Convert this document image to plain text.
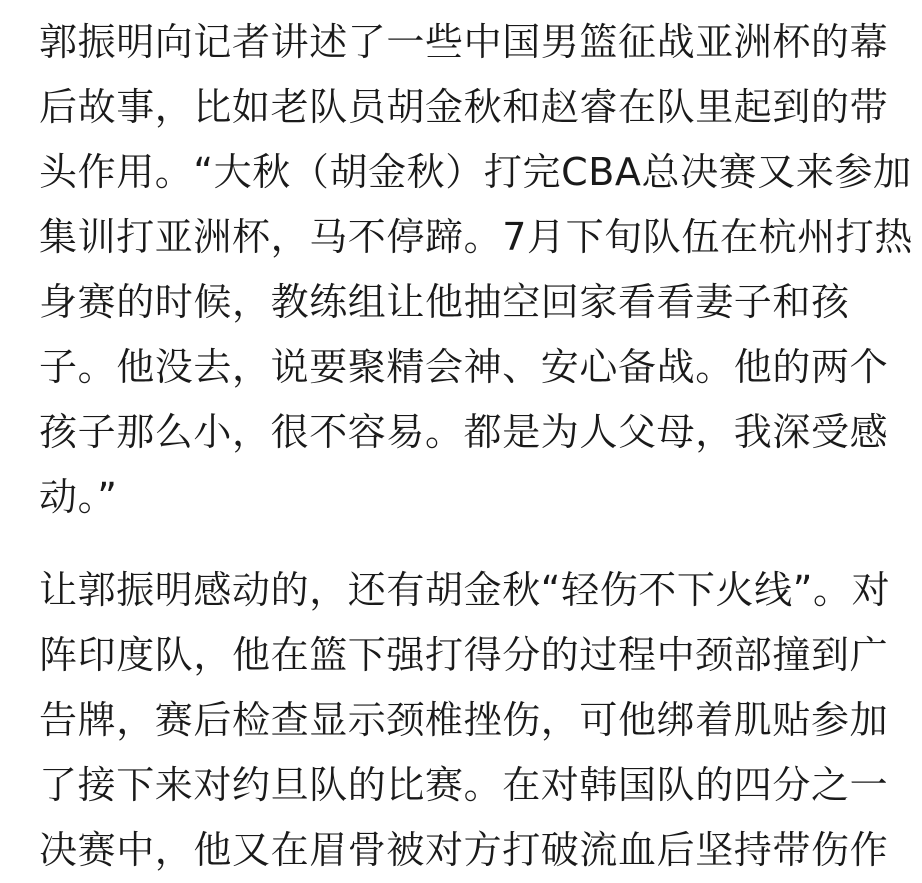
郭振明向记者讲述了一些中国男篮征战亚洲杯的幕
后故事，比如老队员胡金秋和赵睿在队里起到的带
头作用。“大秋（胡金秋）打完CBA总决赛又来参加
集训打亚洲杯，马不停蹄。7月下旬队伍在杭州打热
身赛的时候，教练组让他抽空回家看看妻子和孩
子。他没去，说要聚精会神、安心备战。他的两个
孩子那么小，很不容易。都是为人父母，我深受感
动。”
让郭振明感动的，还有胡金秋“轻伤不下火线”。对
阵印度队，他在篮下强打得分的过程中颈部撞到广
告牌，赛后检查显示颈椎挫伤，可他绑着肌贴参加
了接下来对约旦队的比赛。在对韩国队的四分之一
决赛中，他又在眉骨被对方打破流血后坚持带伤作
